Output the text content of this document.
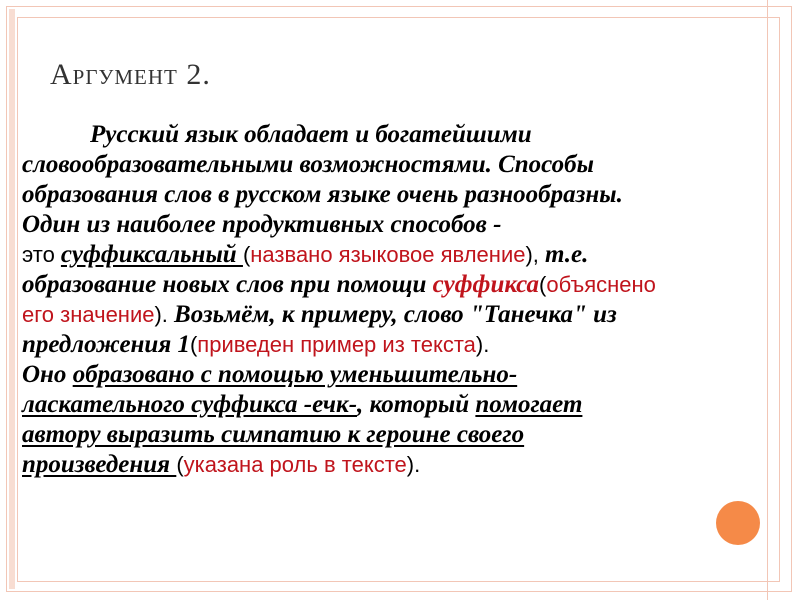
Аргумент 2.
Русский язык обладает и богатейшими
словообразовательными возможностями. Способы
образования слов в русском языке очень разнообразны.
Один из наиболее продуктивных способов -
это суффиксальный (названо языковое явление), т.е.
образование новых слов при помощи суффикса(объяснено
его значение). Возьмём, к примеру, слово "Танечка" из
предложения 1(приведен пример из текста).
Оно образовано с помощью уменьшительно-
ласкательного суффикса -ечк-, который помогает
автору выразить симпатию к героине своего
произведения (указана роль в тексте).
